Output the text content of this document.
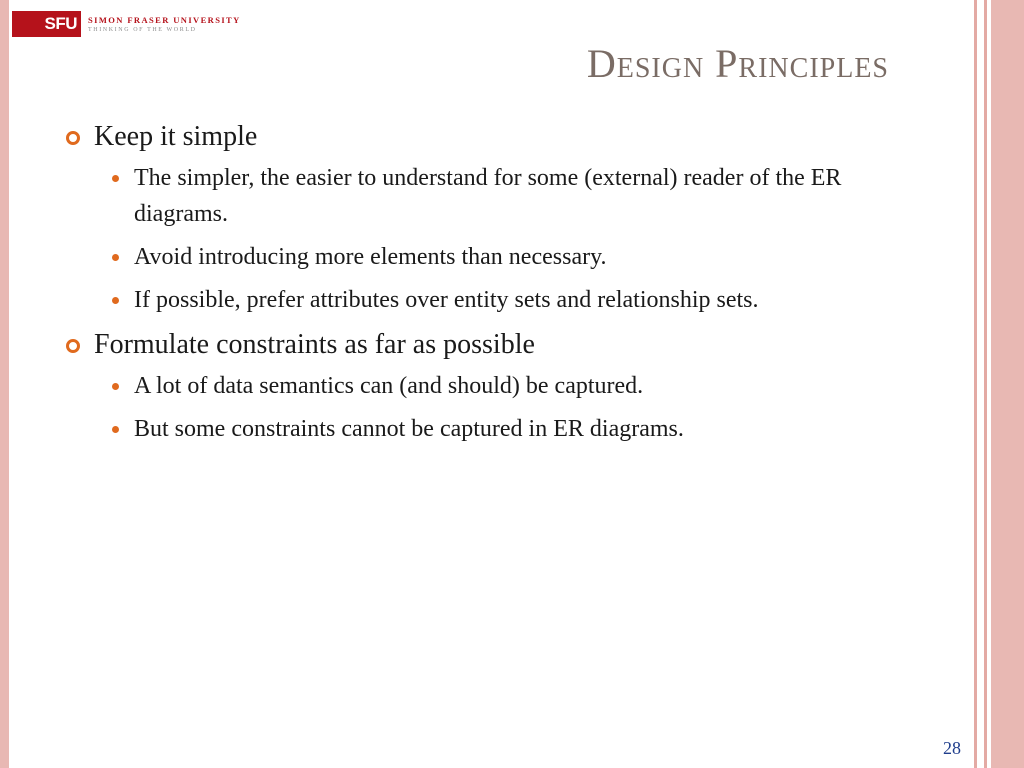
SFU	SIMON FRASER UNIVERSITY
THINKING OF THE WORLD
Design Principles
Keep it simple
The simpler, the easier to understand for some (external) reader of the ER diagrams.
Avoid introducing more elements than necessary.
If possible, prefer attributes over entity sets and relationship sets.
Formulate constraints as far as possible
A lot of data semantics can (and should) be captured.
But some constraints cannot be captured in ER diagrams.
28
